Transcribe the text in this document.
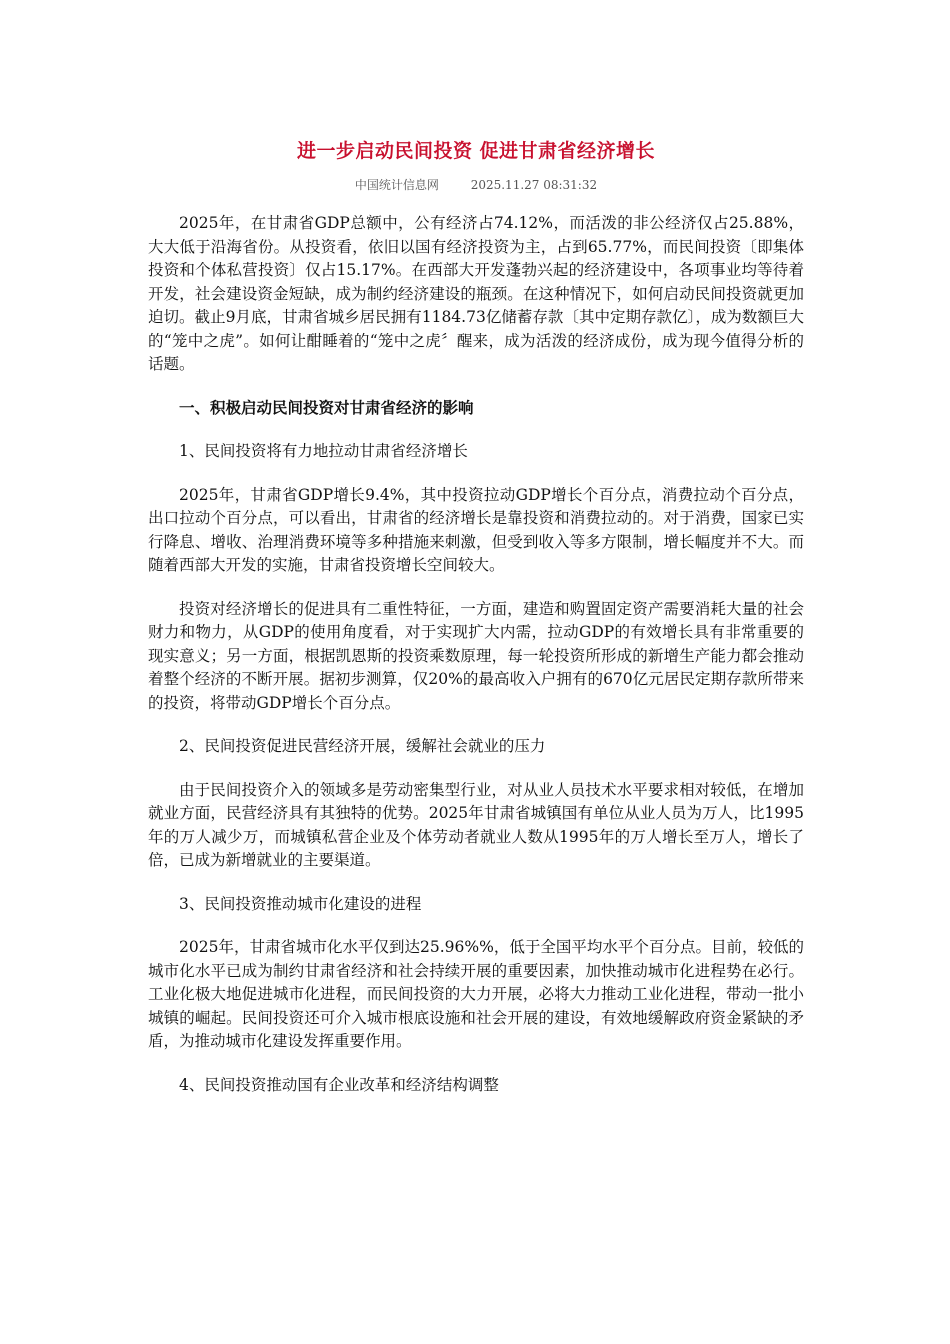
进一步启动民间投资 促进甘肃省经济增长
中国统计信息网	2025.11.27 08:31:32

2025年，在甘肃省GDP总额中，公有经济占74.12%，而活泼的非公经济仅占25.88%，大大低于沿海省份。从投资看，依旧以国有经济投资为主，占到65.77%，而民间投资〔即集体投资和个体私营投资〕仅占15.17%。在西部大开发蓬勃兴起的经济建设中，各项事业均等待着开发，社会建设资金短缺，成为制约经济建设的瓶颈。在这种情况下，如何启动民间投资就更加迫切。截止9月底，甘肃省城乡居民拥有1184.73亿储蓄存款〔其中定期存款亿〕，成为数额巨大的“笼中之虎”。如何让酣睡着的“笼中之虎〞醒来，成为活泼的经济成份，成为现今值得分析的话题。

一、积极启动民间投资对甘肃省经济的影响
1、民间投资将有力地拉动甘肃省经济增长

2025年，甘肃省GDP增长9.4%，其中投资拉动GDP增长个百分点，消费拉动个百分点，出口拉动个百分点，可以看出，甘肃省的经济增长是靠投资和消费拉动的。对于消费，国家已实行降息、增收、治理消费环境等多种措施来刺激，但受到收入等多方限制，增长幅度并不大。而随着西部大开发的实施，甘肃省投资增长空间较大。

投资对经济增长的促进具有二重性特征，一方面，建造和购置固定资产需要消耗大量的社会财力和物力，从GDP的使用角度看，对于实现扩大内需，拉动GDP的有效增长具有非常重要的现实意义；另一方面，根据凯恩斯的投资乘数原理，每一轮投资所形成的新增生产能力都会推动着整个经济的不断开展。据初步测算，仅20%的最高收入户拥有的670亿元居民定期存款所带来的投资，将带动GDP增长个百分点。

2、民间投资促进民营经济开展，缓解社会就业的压力

由于民间投资介入的领域多是劳动密集型行业，对从业人员技术水平要求相对较低，在增加就业方面，民营经济具有其独特的优势。2025年甘肃省城镇国有单位从业人员为万人，比1995年的万人减少万，而城镇私营企业及个体劳动者就业人数从1995年的万人增长至万人，增长了倍，已成为新增就业的主要渠道。

3、民间投资推动城市化建设的进程

2025年，甘肃省城市化水平仅到达25.96%%，低于全国平均水平个百分点。目前，较低的城市化水平已成为制约甘肃省经济和社会持续开展的重要因素，加快推动城市化进程势在必行。工业化极大地促进城市化进程，而民间投资的大力开展，必将大力推动工业化进程，带动一批小城镇的崛起。民间投资还可介入城市根底设施和社会开展的建设，有效地缓解政府资金紧缺的矛盾，为推动城市化建设发挥重要作用。

4、民间投资推动国有企业改革和经济结构调整
